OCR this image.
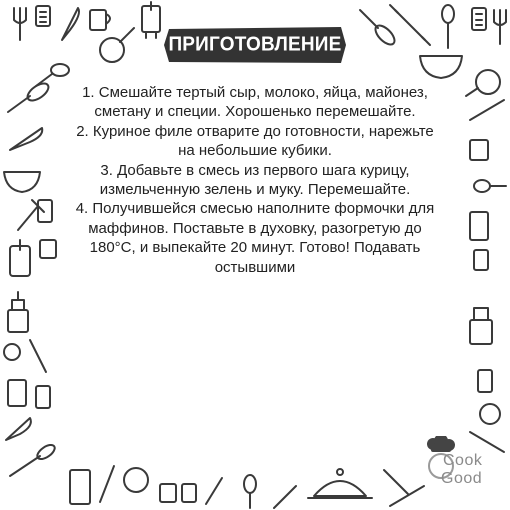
ПРИГОТОВЛЕНИЕ

1. Смешайте тертый сыр, молоко, яйца, майонез, сметану и специи. Хорошенько перемешайте.

2. Куриное филе отварите до готовности, нарежьте на небольшие кубики.

3. Добавьте в смесь из первого шага курицу, измельченную зелень и муку. Перемешайте.

4. Получившейся смесью наполните формочки для маффинов. Поставьте в духовку, разогретую до 180°C, и выпекайте 20 минут. Готово! Подавать остывшими

Cook
Good
